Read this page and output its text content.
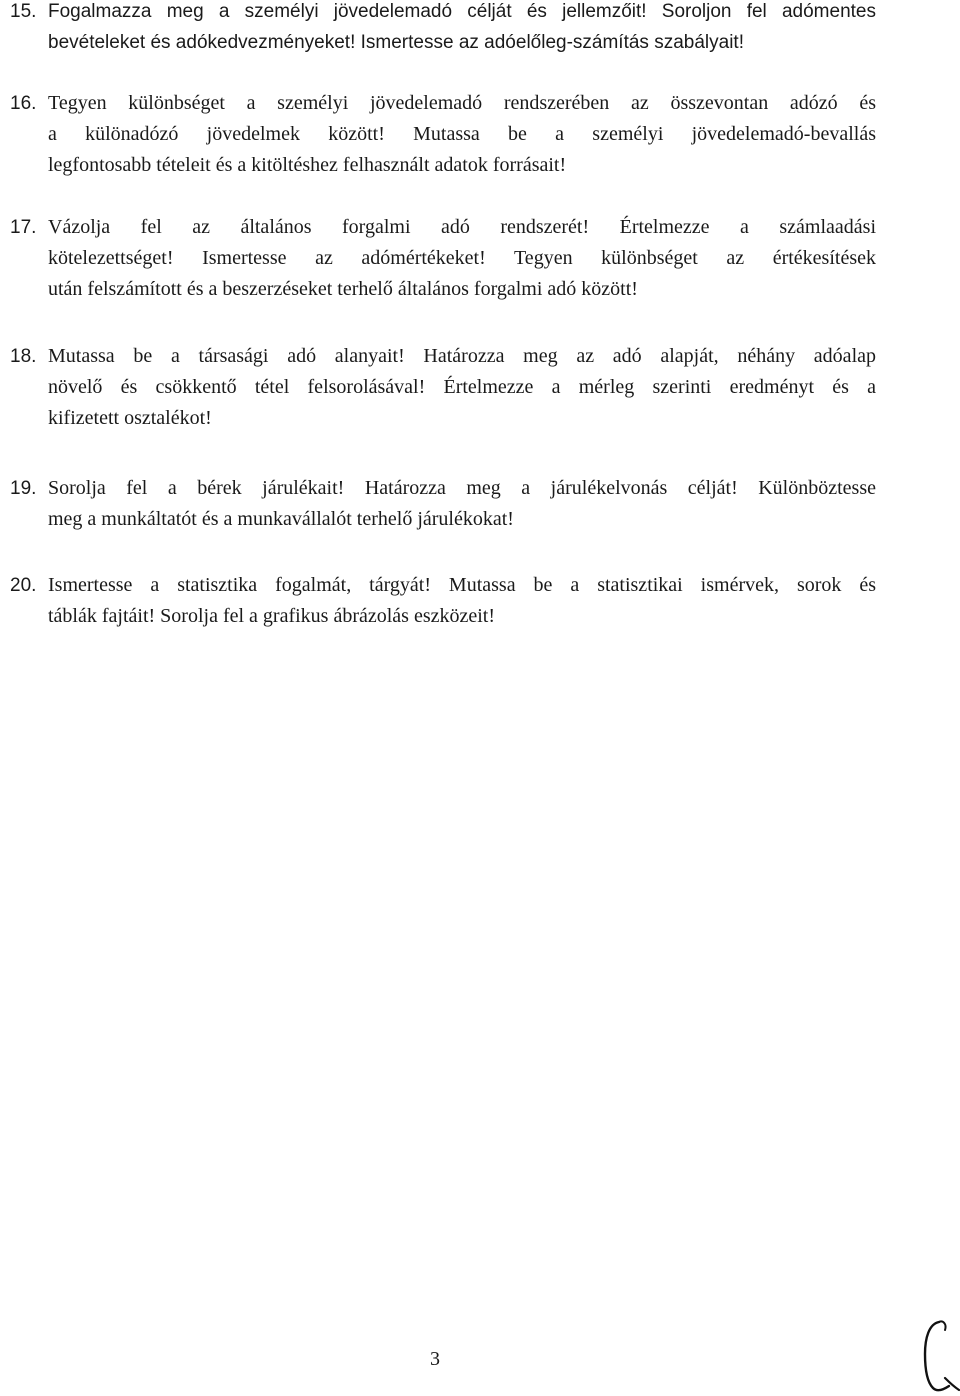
15. Fogalmazza meg a személyi jövedelemadó célját és jellemzőit! Soroljon fel adómentes
bevételeket és adókedvezményeket! Ismertesse az adóelőleg-számítás szabályait!
16. Tegyen különbséget a személyi jövedelemadó rendszerében az összevontan adózó és
a különadózó jövedelmek között! Mutassa be a személyi jövedelemadó-bevallás
legfontosabb tételeit és a kitöltéshez felhasznált adatok forrásait!
17. Vázolja fel az általános forgalmi adó rendszerét! Értelmezze a számlaadási
kötelezettséget! Ismertesse az adómértékeket! Tegyen különbséget az értékesítések
után felszámított és a beszerzéseket terhelő általános forgalmi adó között!
18. Mutassa be a társasági adó alanyait! Határozza meg az adó alapját, néhány adóalap
növelő és csökkentő tétel felsorolásával! Értelmezze a mérleg szerinti eredményt és a
kifizetett osztalékot!
19. Sorolja fel a bérek járulékait! Határozza meg a járulékelvonás célját! Különböztesse
meg a munkáltatót és a munkavállalót terhelő járulékokat!
20. Ismertesse a statisztika fogalmát, tárgyát! Mutassa be a statisztikai ismérvek, sorok és
táblák fajtáit! Sorolja fel a grafikus ábrázolás eszközeit!
3
